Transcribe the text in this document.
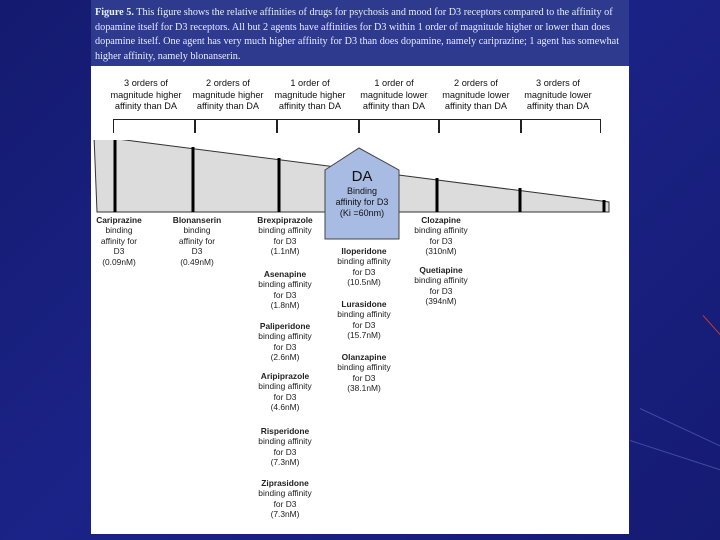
Figure 5. This figure shows the relative affinities of drugs for psychosis and mood for D3 receptors compared to the affinity of dopamine itself for D3 receptors. All but 2 agents have affinities for D3 within 1 order of magnitude higher or lower than does dopamine itself. One agent has very much higher affinity for D3 than does dopamine, namely cariprazine; 1 agent has somewhat higher affinity, namely blonanserin.
3 orders of
magnitude higher
affinity than DA
2 orders of
magnitude higher
affinity than DA
1 order of
magnitude higher
affinity than DA
1 order of
magnitude lower
affinity than DA
2 orders of
magnitude lower
affinity than DA
3 orders of
magnitude lower
affinity than DA
DA
Binding
affinity for D3
(Ki =60nm)
Cariprazine
binding
affinity for
D3
(0.09nM)
Blonanserin
binding
affinity for
D3
(0.49nM)
Brexpiprazole
binding affinity
for D3
(1.1nM)
Asenapine
binding affinity
for D3
(1.8nM)
Paliperidone
binding affinity
for D3
(2.6nM)
Aripiprazole
binding affinity
for D3
(4.6nM)
Risperidone
binding affinity
for D3
(7.3nM)
Ziprasidone
binding affinity
for D3
(7.3nM)
Iloperidone
binding affinity
for D3
(10.5nM)
Lurasidone
binding affinity
for D3
(15.7nM)
Olanzapine
binding affinity
for D3
(38.1nM)
Clozapine
binding affinity
for D3
(310nM)
Quetiapine
binding affinity
for D3
(394nM)
